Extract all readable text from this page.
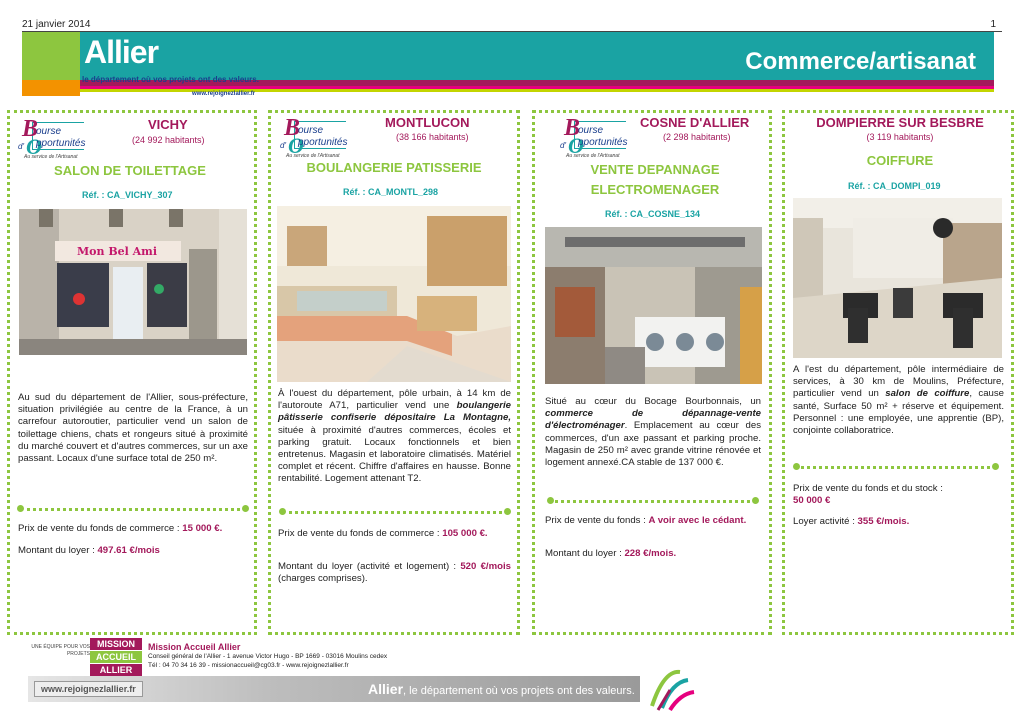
21 janvier 2014	1
Allier
le département où vos projets ont des valeurs.
www.rejoignezlallier.fr
Commerce/artisanat
B
ourse
d' O
pportunités
Au service de l'Artisanat
VICHY
(24 992 habitants)
SALON DE TOILETTAGE
Réf. : CA_VICHY_307
Mon Bel Ami
Au sud du département de l'Allier, sous-préfecture, situation privilégiée au centre de la France, à un carrefour autoroutier, particulier vend un salon de toilettage chiens, chats et rongeurs situé à proximité du marché couvert et d'autres commerces, sur un axe passant. Locaux d'une surface total de 250 m².
Prix de vente du fonds de commerce : 15 000 €.
Montant du loyer : 497.61 €/mois
B
ourse
d' O
pportunités
Au service de l'Artisanat
MONTLUCON
(38 166 habitants)
BOULANGERIE PATISSERIE
Réf. : CA_MONTL_298
À l'ouest du département, pôle urbain, à 14 km de l'autoroute A71, particulier vend une boulangerie pâtisserie confiserie dépositaire La Montagne, située à proximité d'autres commerces, écoles et parking gratuit. Locaux fonctionnels et bien entretenus. Magasin et laboratoire climatisés. Matériel complet et récent. Chiffre d'affaires en hausse. Bonne rentabilité. Logement attenant T2.
Prix de vente du fonds de commerce : 105 000 €.
Montant du loyer (activité et logement) : 520 €/mois (charges comprises).
B
ourse
d' O
pportunités
Au service de l'Artisanat
COSNE D'ALLIER
(2 298 habitants)
VENTE DEPANNAGE ELECTROMENAGER
Réf. : CA_COSNE_134
Situé au cœur du Bocage Bourbonnais, un commerce de dépannage-vente d'électroménager. Emplacement au cœur des commerces, d'un axe passant et parking proche. Magasin de 250 m² avec grande vitrine rénovée et logement annexé.CA stable de 137 000 €.
Prix de vente du fonds : A voir avec le cédant.
Montant du loyer : 228 €/mois.
DOMPIERRE SUR BESBRE
(3 119 habitants)
COIFFURE
Réf. : CA_DOMPI_019
A l'est du département, pôle intermédiaire de services, à 30 km de Moulins, Préfecture, particulier vend un salon de coiffure, cause santé, Surface 50 m² + réserve et équipement. Personnel : une employée, une apprentie (BP), conjointe collaboratrice.
Prix de vente du fonds et du stock :
50 000 €
Loyer activité : 355 €/mois.
UNE ÉQUIPE POUR VOS PROJETS
MISSION
ACCUEIL
ALLIER
Mission Accueil Allier
Conseil général de l'Allier - 1 avenue Victor Hugo - BP 1669 - 03016 Moulins cedex
Tél : 04 70 34 16 39 - missionaccueil@cg03.fr - www.rejoignezlallier.fr
www.rejoignezlallier.fr	Allier, le département où vos projets ont des valeurs.
